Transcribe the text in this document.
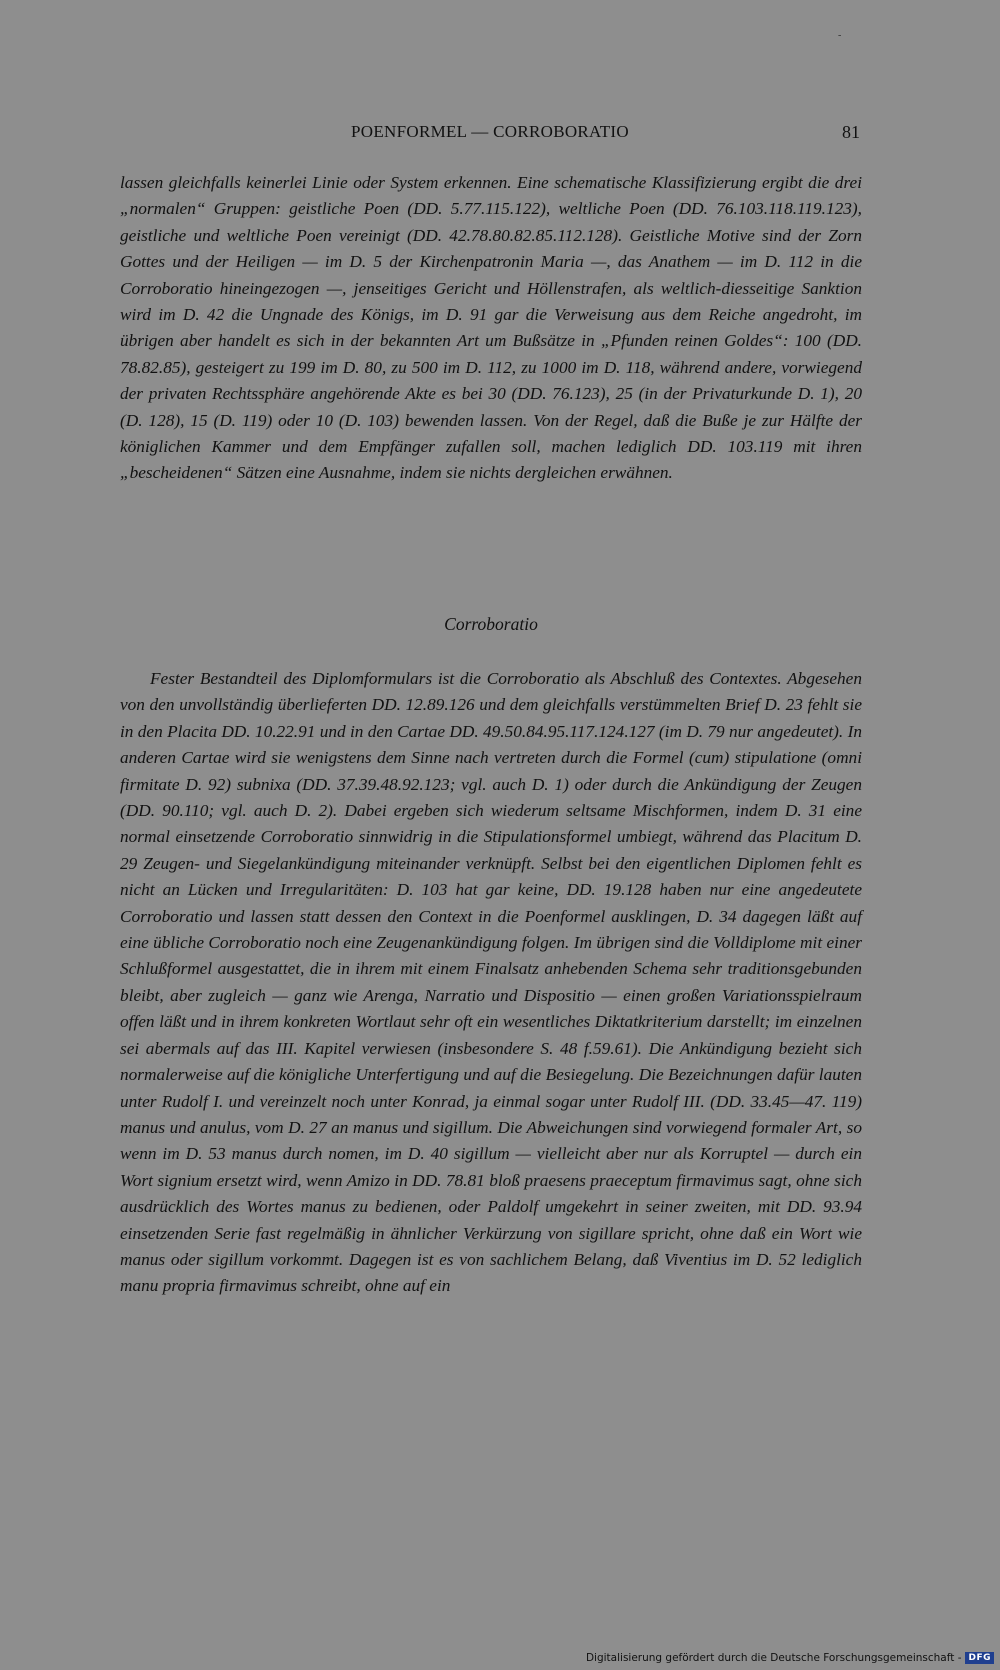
-
POENFORMEL — CORROBORATIO	81

lassen gleichfalls keinerlei Linie oder System erkennen. Eine schematische Klassifizierung ergibt die drei „normalen“ Gruppen: geistliche Poen (DD. 5.77.115.122), weltliche Poen (DD. 76.103.118.119.123), geistliche und weltliche Poen vereinigt (DD. 42.78.80.82.85.112.128). Geistliche Motive sind der Zorn Gottes und der Heiligen — im D. 5 der Kirchenpatronin Maria —, das Anathem — im D. 112 in die Corroboratio hineingezogen —, jenseitiges Gericht und Höllenstrafen, als weltlich-diesseitige Sanktion wird im D. 42 die Ungnade des Königs, im D. 91 gar die Verweisung aus dem Reiche angedroht, im übrigen aber handelt es sich in der bekannten Art um Bußsätze in „Pfunden reinen Goldes“: 100 (DD. 78.82.85), gesteigert zu 199 im D. 80, zu 500 im D. 112, zu 1000 im D. 118, während andere, vorwiegend der privaten Rechtssphäre angehörende Akte es bei 30 (DD. 76.123), 25 (in der Privaturkunde D. 1), 20 (D. 128), 15 (D. 119) oder 10 (D. 103) bewenden lassen. Von der Regel, daß die Buße je zur Hälfte der königlichen Kammer und dem Empfänger zufallen soll, machen lediglich DD. 103.119 mit ihren „bescheidenen“ Sätzen eine Ausnahme, indem sie nichts dergleichen erwähnen.

Corroboratio

Fester Bestandteil des Diplomformulars ist die Corroboratio als Abschluß des Contextes. Abgesehen von den unvollständig überlieferten DD. 12.89.126 und dem gleichfalls verstümmelten Brief D. 23 fehlt sie in den Placita DD. 10.22.91 und in den Cartae DD. 49.50.84.95.117.124.127 (im D. 79 nur angedeutet). In anderen Cartae wird sie wenigstens dem Sinne nach vertreten durch die Formel (cum) stipulatione (omni firmitate D. 92) subnixa (DD. 37.39.48.92.123; vgl. auch D. 1) oder durch die Ankündigung der Zeugen (DD. 90.110; vgl. auch D. 2). Dabei ergeben sich wiederum seltsame Mischformen, indem D. 31 eine normal einsetzende Corroboratio sinnwidrig in die Stipulationsformel umbiegt, während das Placitum D. 29 Zeugen- und Siegelankündigung miteinander verknüpft. Selbst bei den eigentlichen Diplomen fehlt es nicht an Lücken und Irregularitäten: D. 103 hat gar keine, DD. 19.128 haben nur eine angedeutete Corroboratio und lassen statt dessen den Context in die Poenformel ausklingen, D. 34 dagegen läßt auf eine übliche Corroboratio noch eine Zeugenankündigung folgen. Im übrigen sind die Volldiplome mit einer Schlußformel ausgestattet, die in ihrem mit einem Finalsatz anhebenden Schema sehr traditionsgebunden bleibt, aber zugleich — ganz wie Arenga, Narratio und Dispositio — einen großen Variationsspielraum offen läßt und in ihrem konkreten Wortlaut sehr oft ein wesentliches Diktatkriterium darstellt; im einzelnen sei abermals auf das III. Kapitel verwiesen (insbesondere S. 48 f.59.61). Die Ankündigung bezieht sich normalerweise auf die königliche Unterfertigung und auf die Besiegelung. Die Bezeichnungen dafür lauten unter Rudolf I. und vereinzelt noch unter Konrad, ja einmal sogar unter Rudolf III. (DD. 33.45—47. 119) manus und anulus, vom D. 27 an manus und sigillum. Die Abweichungen sind vorwiegend formaler Art, so wenn im D. 53 manus durch nomen, im D. 40 sigillum — vielleicht aber nur als Korruptel — durch ein Wort signium ersetzt wird, wenn Amizo in DD. 78.81 bloß praesens praeceptum firmavimus sagt, ohne sich ausdrücklich des Wortes manus zu bedienen, oder Paldolf umgekehrt in seiner zweiten, mit DD. 93.94 einsetzenden Serie fast regelmäßig in ähnlicher Verkürzung von sigillare spricht, ohne daß ein Wort wie manus oder sigillum vorkommt. Dagegen ist es von sachlichem Belang, daß Viventius im D. 52 lediglich manu propria firmavimus schreibt, ohne auf ein

Digitalisierung gefördert durch die Deutsche Forschungsgemeinschaft - DFG
